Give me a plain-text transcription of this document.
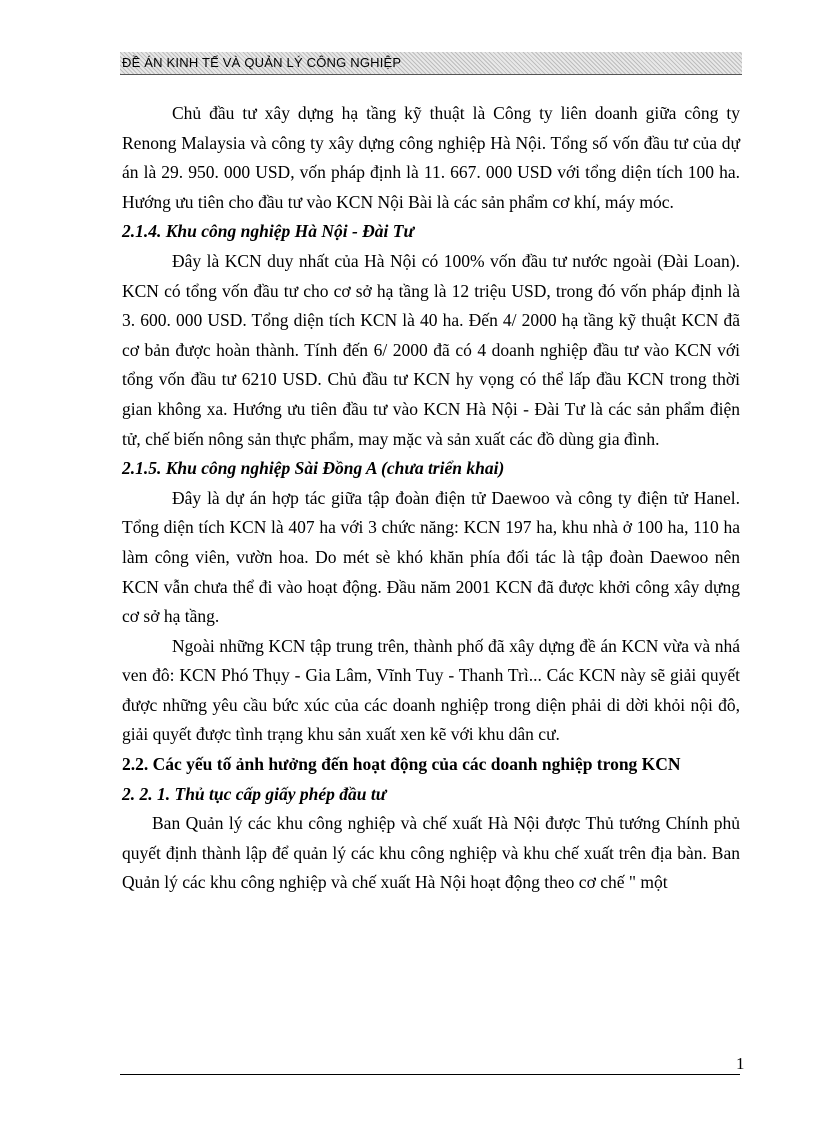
ĐỀ ÁN KINH TẾ VÀ QUẢN LÝ CÔNG NGHIỆP

Chủ đầu tư xây dựng hạ tầng kỹ thuật là Công ty liên doanh giữa công ty Renong Malaysia và công ty xây dựng công nghiệp Hà Nội. Tổng số vốn đầu tư của dự án là 29. 950. 000 USD, vốn pháp định là 11. 667. 000 USD với tổng diện tích 100 ha. Hướng ưu tiên cho đầu tư vào KCN Nội Bài là các sản phẩm cơ khí, máy móc.

2.1.4. Khu công nghiệp Hà Nội - Đài Tư

Đây là KCN duy nhất của Hà Nội có 100% vốn đầu tư nước ngoài (Đài Loan). KCN có tổng vốn đầu tư cho cơ sở hạ tầng là 12 triệu USD, trong đó vốn pháp định là 3. 600. 000 USD. Tổng diện tích KCN là 40 ha. Đến 4/ 2000 hạ tầng kỹ thuật KCN đã cơ bản được hoàn thành. Tính đến 6/ 2000 đã có 4 doanh nghiệp đầu tư vào KCN với tổng vốn đầu tư 6210 USD. Chủ đầu tư KCN hy vọng có thể lấp đầu KCN trong thời gian không xa. Hướng ưu tiên đầu tư vào KCN Hà Nội - Đài Tư là các sản phẩm điện tử, chế biến nông sản thực phẩm, may mặc và sản xuất các đồ dùng gia đình.

2.1.5. Khu công nghiệp Sài Đồng A (chưa triển khai)

Đây là dự án hợp tác giữa tập đoàn điện tử Daewoo và công ty điện tử Hanel. Tổng diện tích KCN là 407 ha với 3 chức năng: KCN 197 ha, khu nhà ở 100 ha, 110 ha làm công viên, vườn hoa. Do mét sè khó khăn phía đối tác là tập đoàn Daewoo nên KCN vẫn chưa thể đi vào hoạt động. Đầu năm 2001 KCN đã được khởi công xây dựng cơ sở hạ tầng.

Ngoài những KCN tập trung trên, thành phố đã xây dựng đề án KCN vừa và nhá ven đô: KCN Phó Thụy - Gia Lâm, Vĩnh Tuy - Thanh Trì... Các KCN này sẽ giải quyết được những yêu cầu bức xúc của các doanh nghiệp trong diện phải di dời khỏi nội đô, giải quyết được tình trạng khu sản xuất xen kẽ với khu dân cư.

2.2. Các yếu tố ảnh hưởng đến hoạt động của các doanh nghiệp trong KCN
2. 2. 1. Thủ tục cấp giấy phép đầu tư

Ban Quản lý các khu công nghiệp và chế xuất Hà Nội được Thủ tướng Chính phủ quyết định thành lập để quản lý các khu công nghiệp và khu chế xuất trên địa bàn. Ban Quản lý các khu công nghiệp và chế xuất Hà Nội hoạt động theo cơ chế " một

1
